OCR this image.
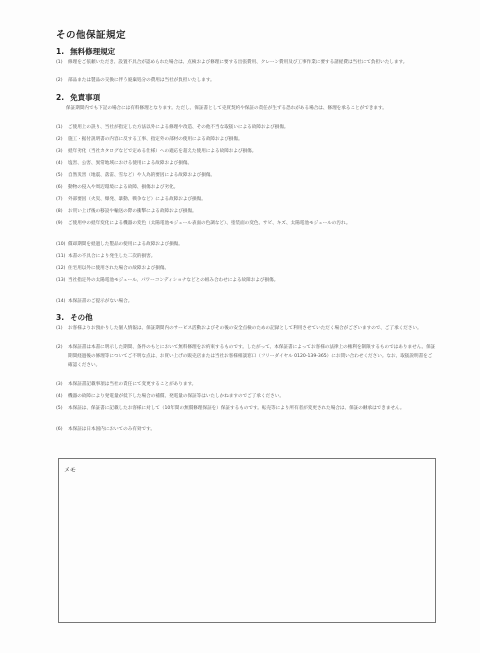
その他保証規定
1. 無料修理規定
(1)	修理をご依頼いただき、設置不具合が認められた場合は、点検および修理に要する出張費用、クレーン費用及び工事作業に要する諸経費は当社にて負担いたします。
(2)	部品または製品の交換に伴う廃棄処分の費用は当社が負担いたします。
2. 免責事項
保証期間内でも下記の場合には有料修理となります。ただし、保証書として売買契約や保証の責任が生ずる恐れがある場合は、修理を承ることができます。
(1)	ご使用上の誤り、当社が指定した方法以外による修理や改造、その他不当な取扱いによる故障および損傷。
(2)	施工・据付説明書の内容に反する工事、指定外の部材の使用による故障および損傷。
(3)	経年劣化（当社カタログなどで定める仕様）への適応を超えた使用による故障および損傷。
(4)	塩害、公害、異常地域における使用による故障および損傷。
(5)	自然災害（地震、落雷、雪など）や人為的要因による故障および損傷。
(6)	動物の侵入や周辺環境による故障、損傷および劣化。
(7)	外部要因（火災、爆発、暴動、戦争など）による故障および損傷。
(8)	お買い上げ後の移設や輸送の際の衝撃による故障および損傷。
(9)	ご使用中の経年変化による機器の変色（太陽電池モジュール表面の色調など）、塗装面の変色、サビ、キズ、太陽電池モジュールの汚れ。
(10) 償却期間を経過した製品の使用による故障および損傷。
(11) 本書の不具合により発生した二次的損害。
(12) 住宅用以外に使用された場合の故障および損傷。
(13) 当社指定外の太陽電池モジュール、パワーコンディショナなどとの組み合わせによる故障および損傷。
(14) 本保証書のご提示がない場合。
3. その他
(1)	お客様よりお預かりした個人情報は、保証期間内のサービス活動およびその後の安全点検のための記録として利用させていただく場合がございますので、ご了承ください。
(2)	本保証書は本書に明示した期間、条件のもとにおいて無料修理をお約束するものです。したがって、本保証書によってお客様の法律上の権利を制限するものではありません。保証期間経過後の修理等についてご不明な点は、お買い上げの販売店または当社お客様相談窓口（フリーダイヤル 0120-139-365）にお問い合わせください。なお、取扱説明書をご確認ください。
(3)	本保証書記載事項は当社の責任にて変更することがあります。
(4)	機器の故障により発電量が低下した場合の補償、発電量の保証等はいたしかねますのでご了承ください。
(5)	本保証は、保証書に記載したお客様に対して（10年間の無償修理保証を）保証するものです。転売等により所有者が変更された場合は、保証の継承はできません。
(6)	本保証は日本国内においてのみ有効です。
メモ
